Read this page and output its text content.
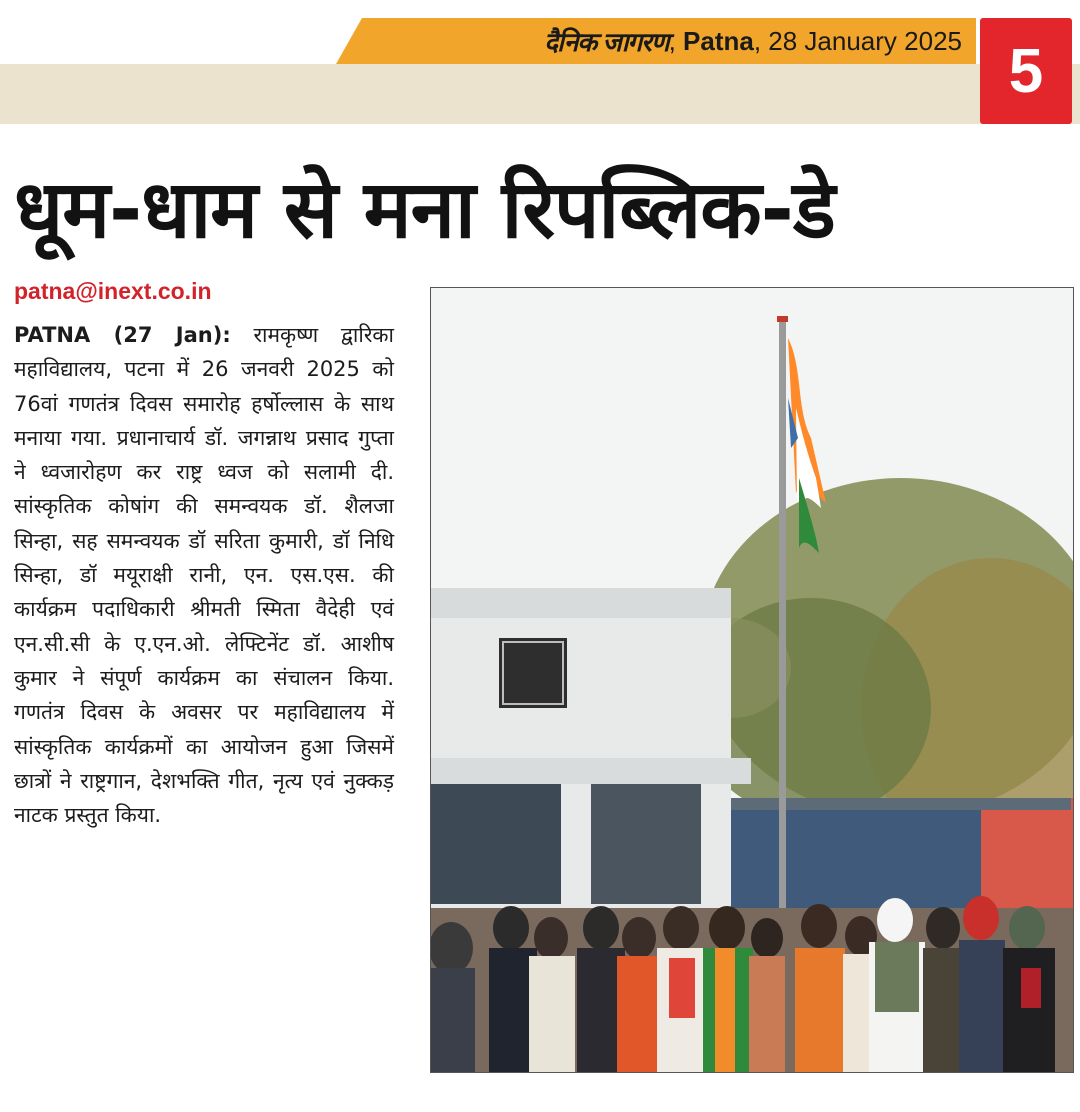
दैनिक जागरण , Patna , 28 January 2025 5
धूम-धाम से मना रिपब्लिक-डे
patna@inext.co.in
PATNA (27 Jan): रामकृष्ण द्वारिका महाविद्यालय, पटना में 26 जनवरी 2025 को 76वां गणतंत्र दिवस समारोह हर्षोल्लास के साथ मनाया गया. प्रधानाचार्य डॉ. जगन्नाथ प्रसाद गुप्ता ने ध्वजारोहण कर राष्ट्र ध्वज को सलामी दी. सांस्कृतिक कोषांग की समन्वयक डॉ. शैलजा सिन्हा, सह समन्वयक डॉ सरिता कुमारी, डॉ निधि सिन्हा, डॉ मयूराक्षी रानी, एन. एस.एस. की कार्यक्रम पदाधिकारी श्रीमती स्मिता वैदेही एवं एन.सी.सी के ए.एन.ओ. लेफ्टिनेंट डॉ. आशीष कुमार ने संपूर्ण कार्यक्रम का संचालन किया. गणतंत्र दिवस के अवसर पर महाविद्यालय में सांस्कृतिक कार्यक्रमों का आयोजन हुआ जिसमें छात्रों ने राष्ट्रगान, देशभक्ति गीत, नृत्य एवं नुक्कड़ नाटक प्रस्तुत किया.
